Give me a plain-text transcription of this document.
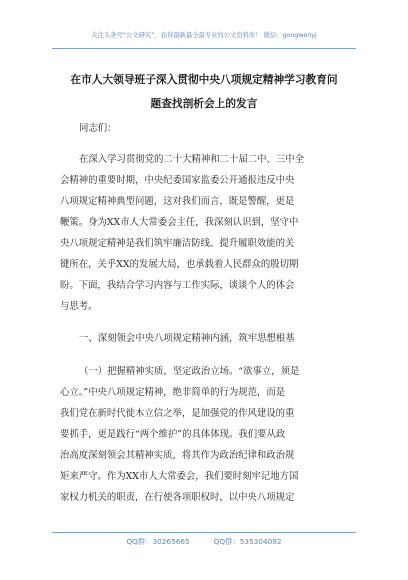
关注头条号“公文研究”，获得最新最全最专业的公文资料库！ 微信：gongwenyj
在市人大领导班子深入贯彻中央八项规定精神学习教育问
题查找剖析会上的发言
同志们：
在深入学习贯彻党的二十大精神和二十届二中、三中全
会精神的重要时期，中央纪委国家监委公开通报违反中央
八项规定精神典型问题，这对我们而言，既是警醒，更是
鞭策。身为XX市人大常委会主任，我深刻认识到，坚守中
央八项规定精神是我们筑牢廉洁防线、提升履职效能的关
键所在，关乎XX的发展大局，也承载着人民群众的殷切期
盼。下面，我结合学习内容与工作实际，谈谈个人的体会
与思考。
一、深刻领会中央八项规定精神内涵，筑牢思想根基
（一）把握精神实质，坚定政治立场。“欲事立，须是
心立。”中央八项规定精神，绝非简单的行为规范，而是
我们党在新时代徙木立信之举，是加强党的作风建设的重
要抓手，更是践行“两个维护”的具体体现。我们要从政
治高度深刻领会其精神实质，将其作为政治纪律和政治规
矩来严守。作为XX市人大常委会，我们要时刻牢记地方国
家权力机关的职责，在行使各项职权时，以中央八项规定
QQ群：30265665	QQ群：535304092
